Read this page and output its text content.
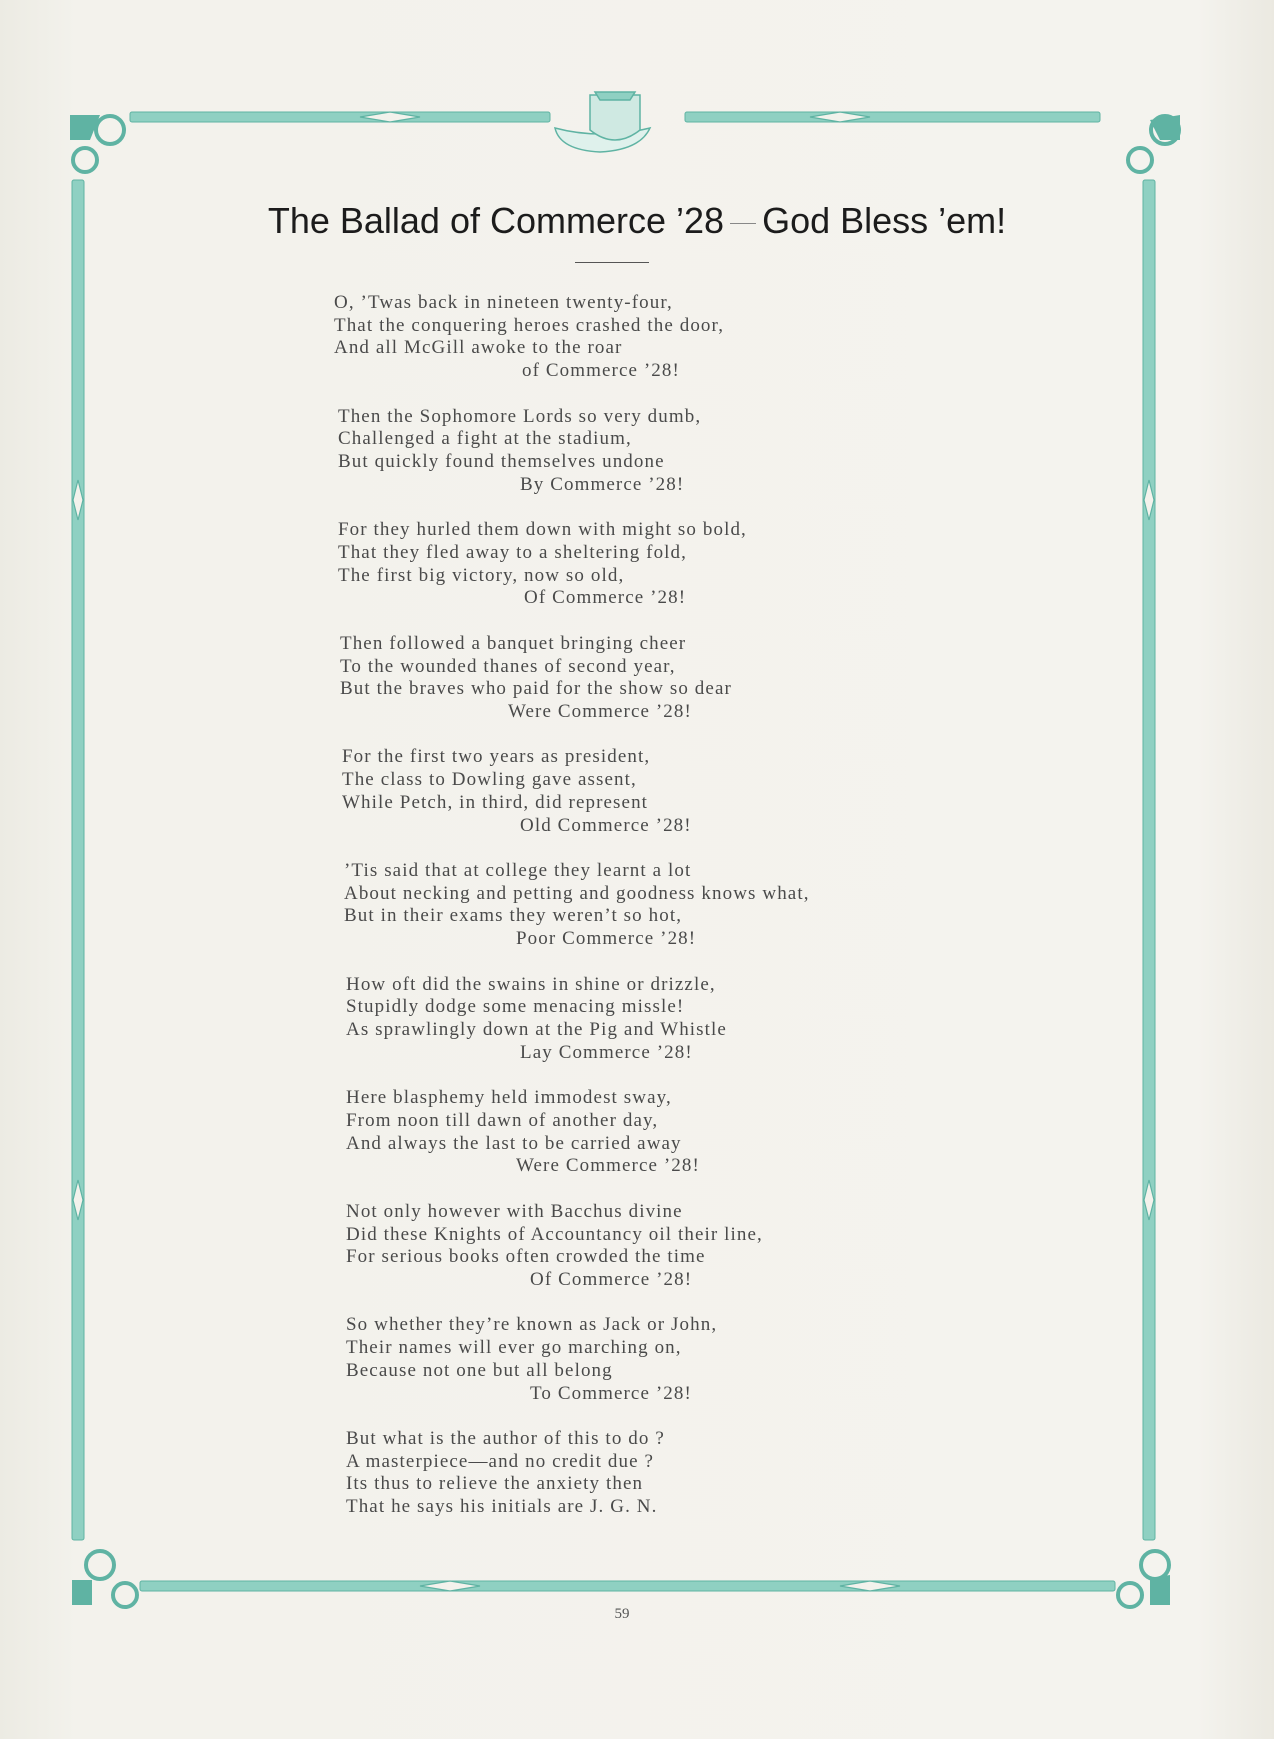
The Ballad of Commerce ’28 God Bless ’em!
O, ’Twas back in nineteen twenty-four,
That the conquering heroes crashed the door,
And all McGill awoke to the roar
of Commerce ’28!
Then the Sophomore Lords so very dumb,
Challenged a fight at the stadium,
But quickly found themselves undone
By Commerce ’28!
For they hurled them down with might so bold,
That they fled away to a sheltering fold,
The first big victory, now so old,
Of Commerce ’28!
Then followed a banquet bringing cheer
To the wounded thanes of second year,
But the braves who paid for the show so dear
Were Commerce ’28!
For the first two years as president,
The class to Dowling gave assent,
While Petch, in third, did represent
Old Commerce ’28!
’Tis said that at college they learnt a lot
About necking and petting and goodness knows what,
But in their exams they weren’t so hot,
Poor Commerce ’28!
How oft did the swains in shine or drizzle,
Stupidly dodge some menacing missle!
As sprawlingly down at the Pig and Whistle
Lay Commerce ’28!
Here blasphemy held immodest sway,
From noon till dawn of another day,
And always the last to be carried away
Were Commerce ’28!
Not only however with Bacchus divine
Did these Knights of Accountancy oil their line,
For serious books often crowded the time
Of Commerce ’28!
So whether they’re known as Jack or John,
Their names will ever go marching on,
Because not one but all belong
To Commerce ’28!
But what is the author of this to do ?
A masterpiece—and no credit due ?
Its thus to relieve the anxiety then
That he says his initials are J. G. N.
59
